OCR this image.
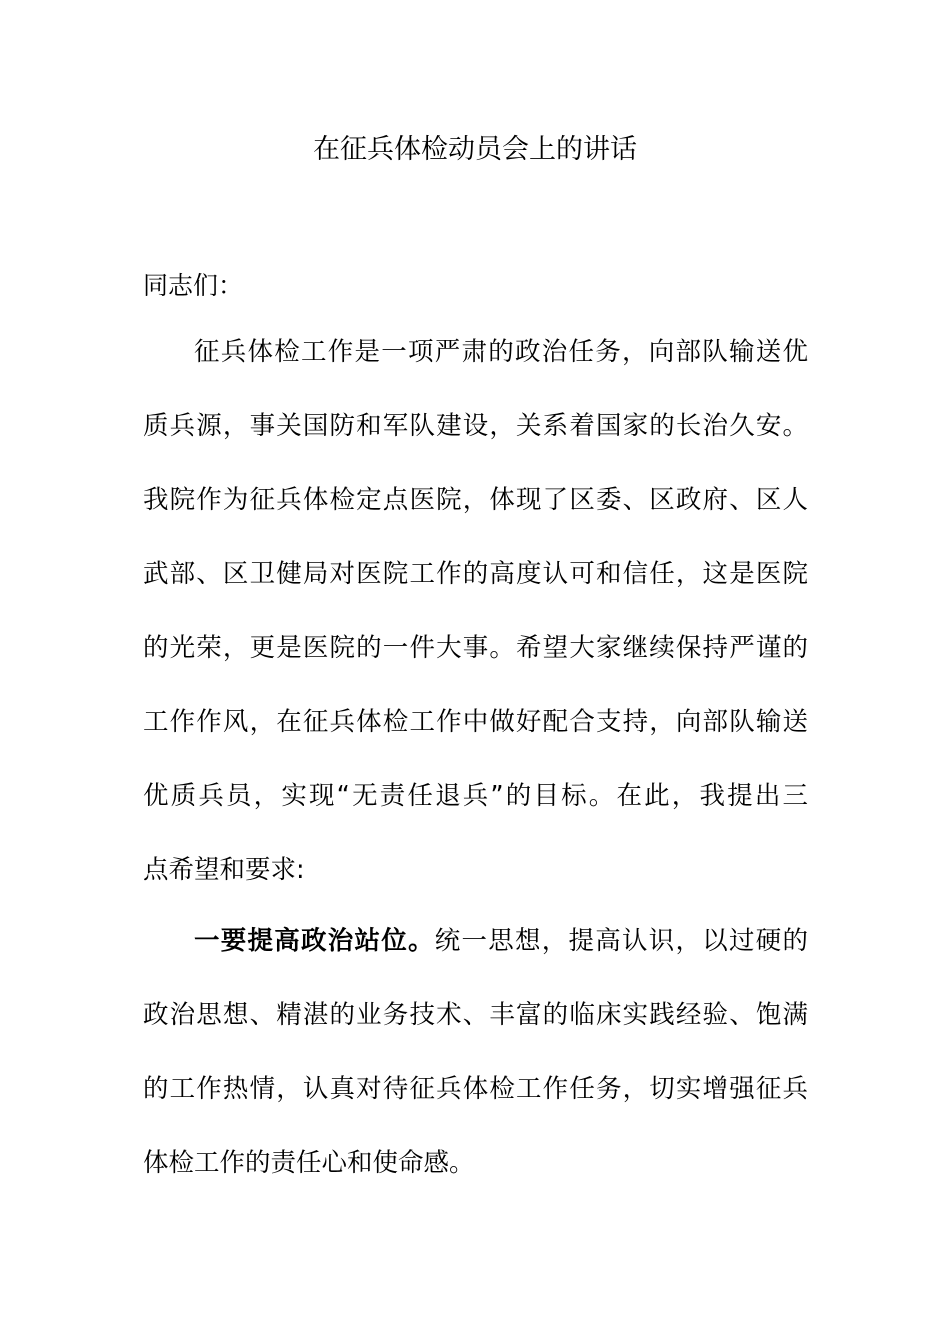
在征兵体检动员会上的讲话
同志们：
征兵体检工作是一项严肃的政治任务，向部队输送优
质兵源，事关国防和军队建设，关系着国家的长治久安。
我院作为征兵体检定点医院，体现了区委、区政府、区人
武部、区卫健局对医院工作的高度认可和信任，这是医院
的光荣，更是医院的一件大事。希望大家继续保持严谨的
工作作风，在征兵体检工作中做好配合支持，向部队输送
优质兵员，实现“无责任退兵”的目标。在此，我提出三
点希望和要求:
一要提高政治站位。统一思想，提高认识，以过硬的
政治思想、精湛的业务技术、丰富的临床实践经验、饱满
的工作热情，认真对待征兵体检工作任务，切实增强征兵
体检工作的责任心和使命感。
